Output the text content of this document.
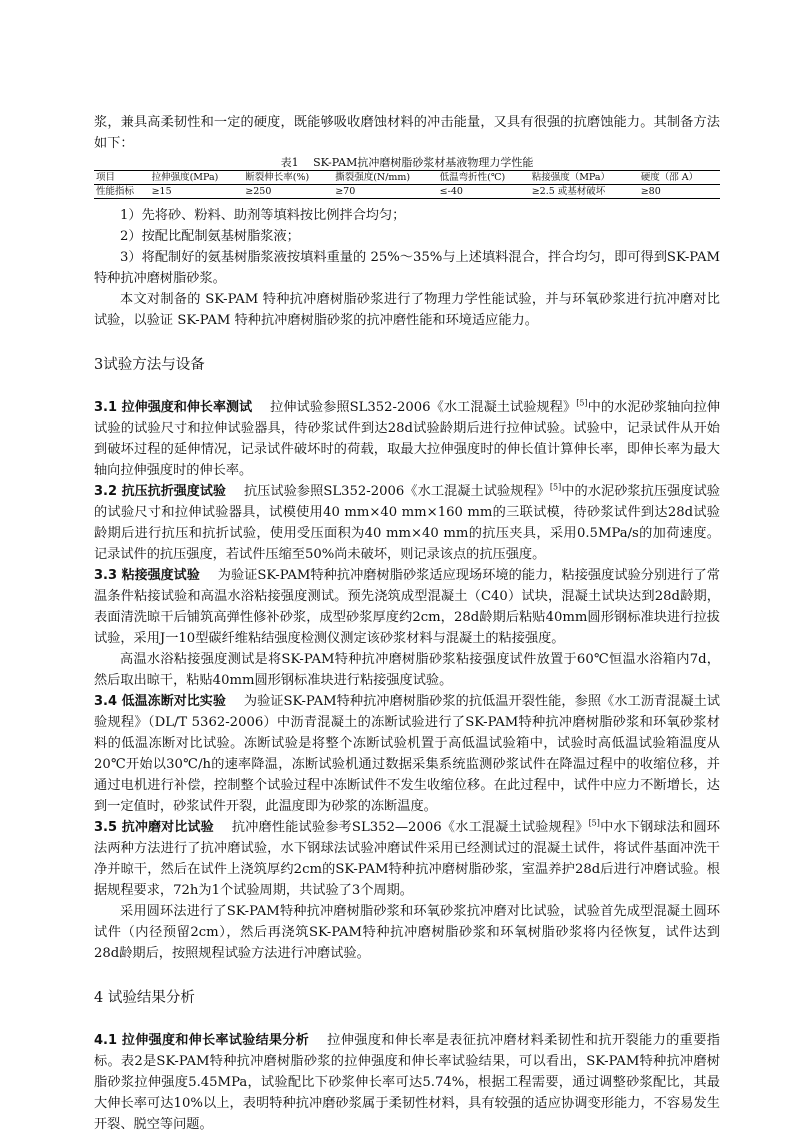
浆，兼具高柔韧性和一定的硬度，既能够吸收磨蚀材料的冲击能量，又具有很强的抗磨蚀能力。其制备方法如下：

表1　 SK-PAM抗冲磨树脂砂浆材基液物理力学性能
项目	拉伸强度(MPa)	断裂伸长率(%)	撕裂强度(N/mm)	低温弯折性(℃)	粘接强度（MPa）	硬度（邵 A）
性能指标	≥15	≥250	≥70	≤-40	≥2.5 或基材破坏	≥80

1）先将砂、粉料、助剂等填料按比例拌合均匀；

2）按配比配制氨基树脂浆液；

3）将配制好的氨基树脂浆液按填料重量的 25%～35%与上述填料混合，拌合均匀，即可得到SK-PAM 特种抗冲磨树脂砂浆。

本文对制备的 SK-PAM 特种抗冲磨树脂砂浆进行了物理力学性能试验，并与环氧砂浆进行抗冲磨对比试验，以验证 SK-PAM 特种抗冲磨树脂砂浆的抗冲磨性能和环境适应能力。

3试验方法与设备

3.1 拉伸强度和伸长率测试 拉伸试验参照SL352-2006《水工混凝土试验规程》[5]中的水泥砂浆轴向拉伸试验的试验尺寸和拉伸试验器具，待砂浆试件到达28d试验龄期后进行拉伸试验。试验中，记录试件从开始到破坏过程的延伸情况，记录试件破坏时的荷载，取最大拉伸强度时的伸长值计算伸长率，即伸长率为最大轴向拉伸强度时的伸长率。

3.2 抗压抗折强度试验 抗压试验参照SL352-2006《水工混凝土试验规程》[5]中的水泥砂浆抗压强度试验的试验尺寸和拉伸试验器具，试模使用40 mm×40 mm×160 mm的三联试模，待砂浆试件到达28d试验龄期后进行抗压和抗折试验，使用受压面积为40 mm×40 mm的抗压夹具，采用0.5MPa/s的加荷速度。记录试件的抗压强度，若试件压缩至50%尚未破坏，则记录该点的抗压强度。

3.3 粘接强度试验 为验证SK-PAM特种抗冲磨树脂砂浆适应现场环境的能力，粘接强度试验分别进行了常温条件粘接试验和高温水浴粘接强度测试。预先浇筑成型混凝土（C40）试块，混凝土试块达到28d龄期，表面清洗晾干后铺筑高弹性修补砂浆，成型砂浆厚度约2cm，28d龄期后粘贴40mm圆形钢标准块进行拉拔试验，采用J一10型碳纤维粘结强度检测仪测定该砂浆材料与混凝土的粘接强度。

高温水浴粘接强度测试是将SK-PAM特种抗冲磨树脂砂浆粘接强度试件放置于60℃恒温水浴箱内7d，然后取出晾干，粘贴40mm圆形钢标准块进行粘接强度试验。

3.4 低温冻断对比实验 为验证SK-PAM特种抗冲磨树脂砂浆的抗低温开裂性能，参照《水工沥青混凝土试验规程》（DL/T 5362-2006）中沥青混凝土的冻断试验进行了SK-PAM特种抗冲磨树脂砂浆和环氧砂浆材料的低温冻断对比试验。冻断试验是将整个冻断试验机置于高低温试验箱中，试验时高低温试验箱温度从20℃开始以30℃/h的速率降温，冻断试验机通过数据采集系统监测砂浆试件在降温过程中的收缩位移，并通过电机进行补偿，控制整个试验过程中冻断试件不发生收缩位移。在此过程中，试件中应力不断增长，达到一定值时，砂浆试件开裂，此温度即为砂浆的冻断温度。

3.5 抗冲磨对比试验 抗冲磨性能试验参考SL352—2006《水工混凝土试验规程》[5]中水下钢球法和圆环法两种方法进行了抗冲磨试验，水下钢球法试验冲磨试件采用已经测试过的混凝土试件，将试件基面冲洗干净并晾干，然后在试件上浇筑厚约2cm的SK-PAM特种抗冲磨树脂砂浆，室温养护28d后进行冲磨试验。根据规程要求，72h为1个试验周期，共试验了3个周期。

采用圆环法进行了SK-PAM特种抗冲磨树脂砂浆和环氧砂浆抗冲磨对比试验，试验首先成型混凝土圆环试件（内径预留2cm），然后再浇筑SK-PAM特种抗冲磨树脂砂浆和环氧树脂砂浆将内径恢复，试件达到28d龄期后，按照规程试验方法进行冲磨试验。

4 试验结果分析

4.1 拉伸强度和伸长率试验结果分析 拉伸强度和伸长率是表征抗冲磨材料柔韧性和抗开裂能力的重要指标。表2是SK-PAM特种抗冲磨树脂砂浆的拉伸强度和伸长率试验结果，可以看出，SK-PAM特种抗冲磨树脂砂浆拉伸强度5.45MPa，试验配比下砂浆伸长率可达5.74%，根据工程需要，通过调整砂浆配比，其最大伸长率可达10%以上，表明特种抗冲磨砂浆属于柔韧性材料，具有较强的适应协调变形能力，不容易发生开裂、脱空等问题。
